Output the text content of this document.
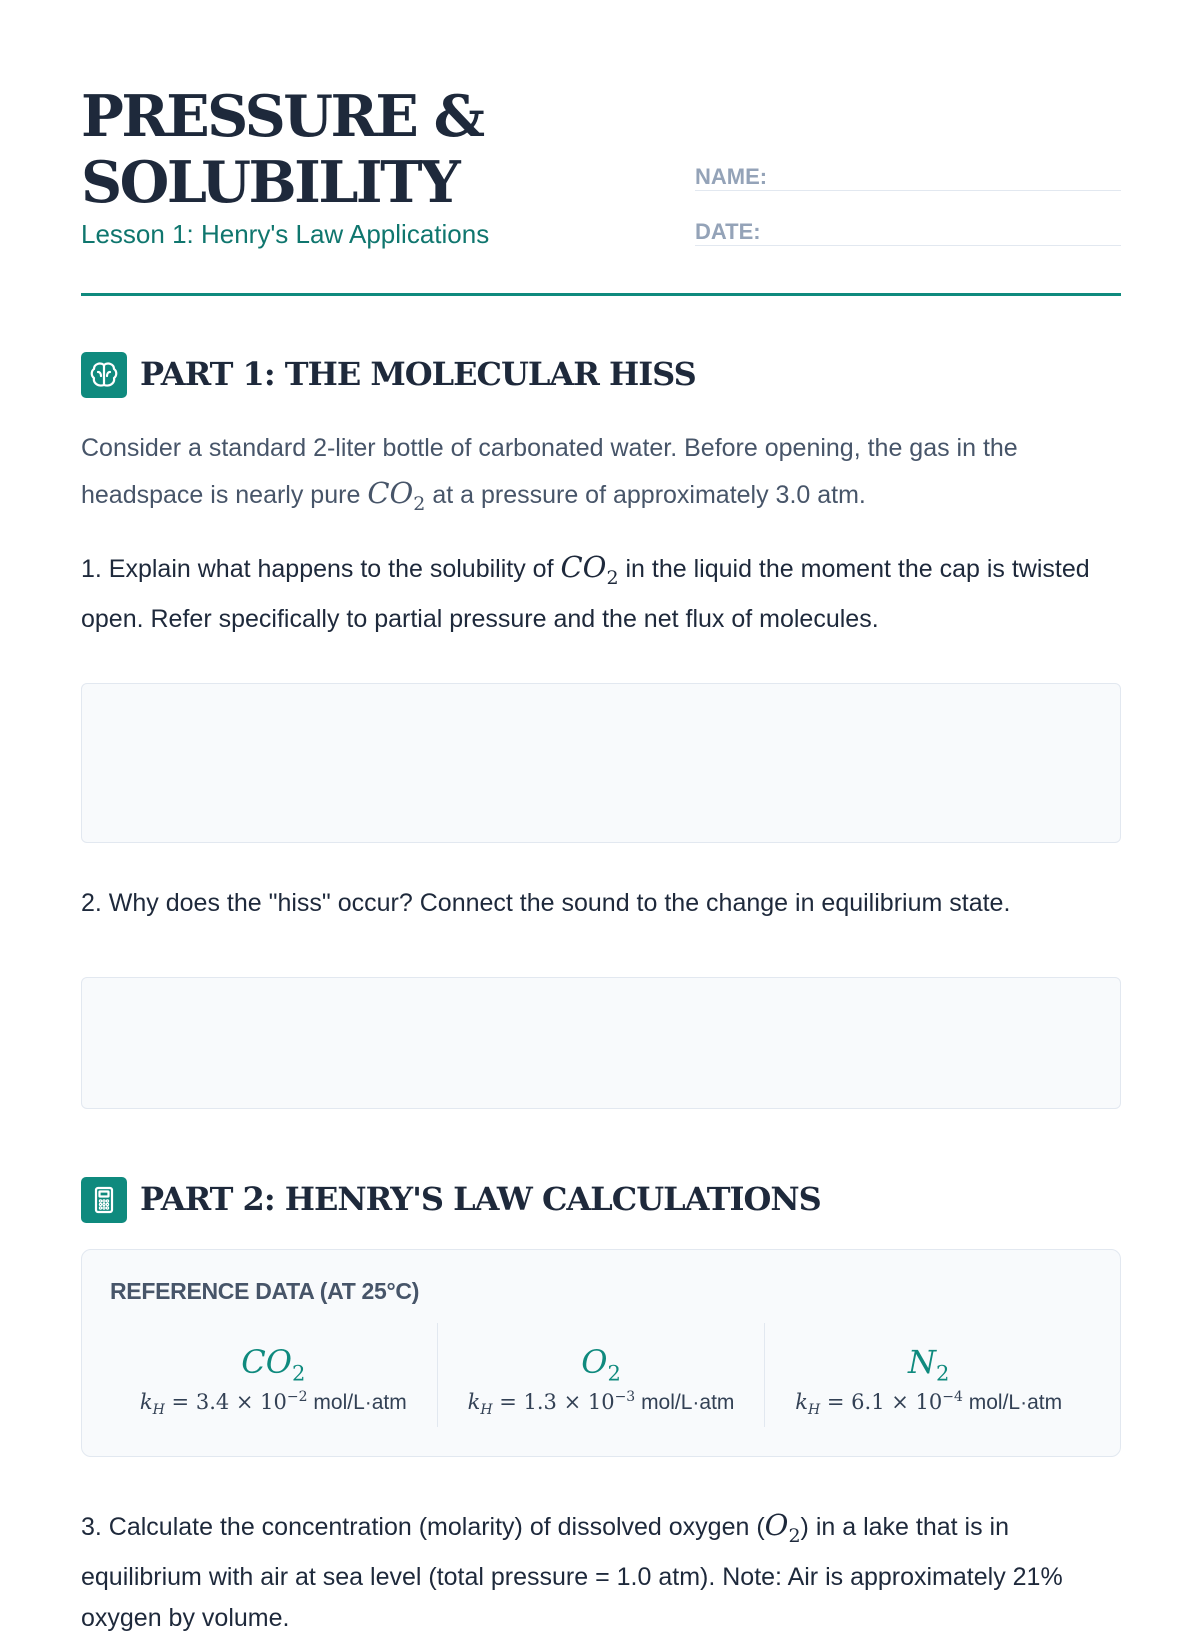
PRESSURE &
SOLUBILITY
Lesson 1: Henry's Law Applications
NAME:
DATE:
PART 1: THE MOLECULAR HISS

Consider a standard 2-liter bottle of carbonated water. Before opening, the gas in the headspace is nearly pure $CO_2$ at a pressure of approximately 3.0 atm.

1. Explain what happens to the solubility of $CO_2$ in the liquid the moment the cap is twisted open. Refer specifically to partial pressure and the net flux of molecules.

2. Why does the "hiss" occur? Connect the sound to the change in equilibrium state.

PART 2: HENRY'S LAW CALCULATIONS
REFERENCE DATA (AT 25°C)
$CO_2$
$k_H = 3.4 \times 10^{-2}$ mol/L·atm
$O_2$
$k_H = 1.3 \times 10^{-3}$ mol/L·atm
$N_2$
$k_H = 6.1 \times 10^{-4}$ mol/L·atm

3. Calculate the concentration (molarity) of dissolved oxygen $(O_2)$ in a lake that is in equilibrium with air at sea level (total pressure = 1.0 atm). Note: Air is approximately 21% oxygen by volume.
